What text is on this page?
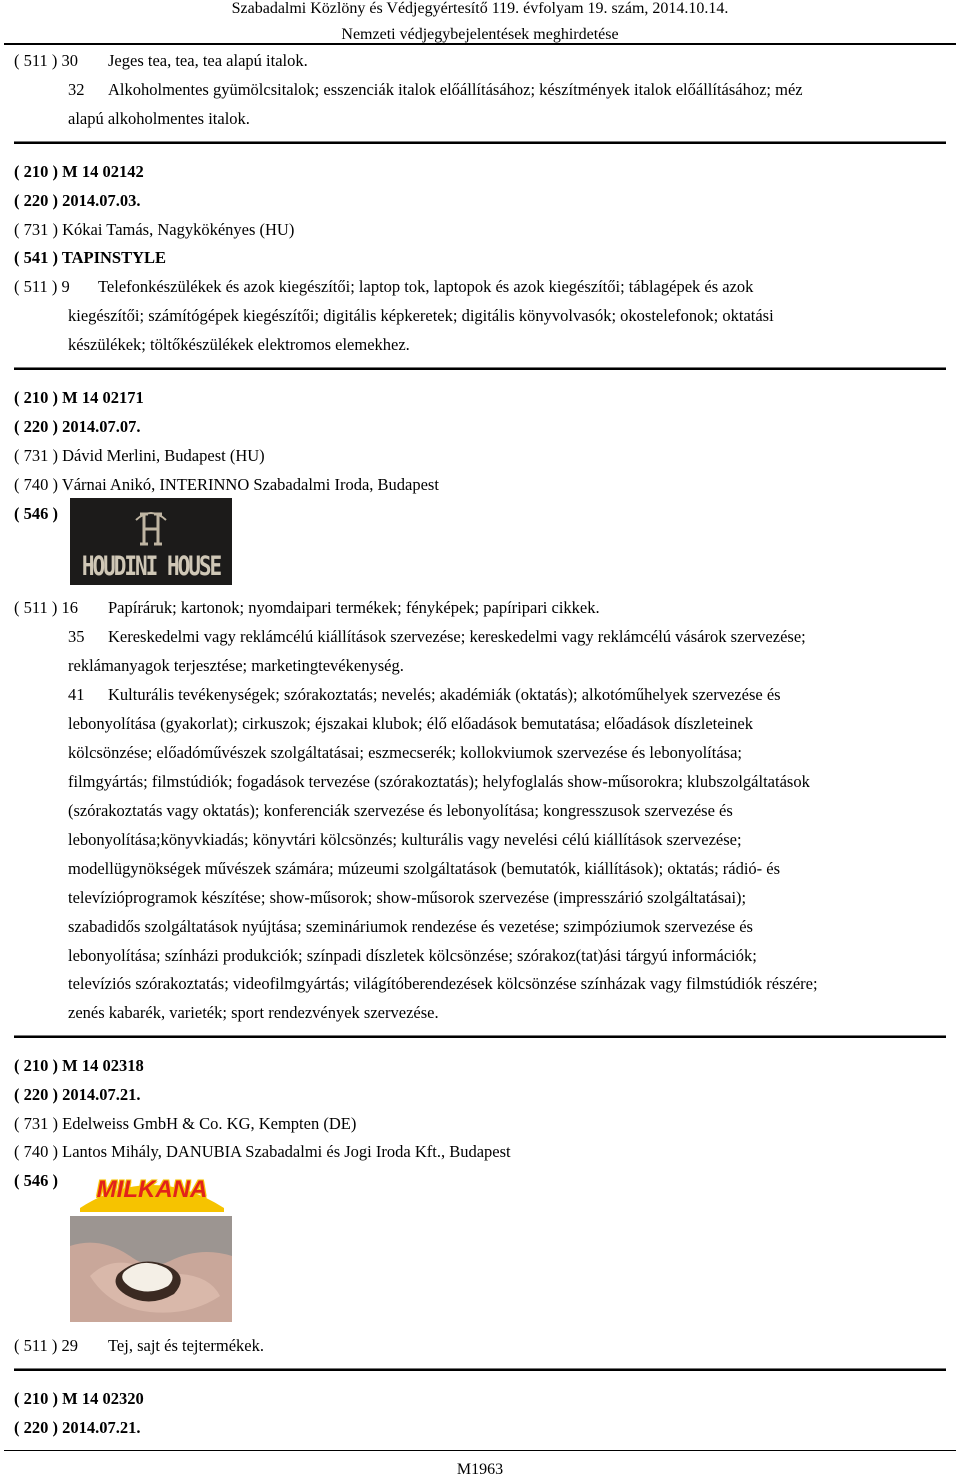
Szabadalmi Közlöny és Védjegyértesítő 119. évfolyam 19. szám, 2014.10.14.
Nemzeti védjegybejelentések meghirdetése
( 511 ) 30 Jeges tea, tea, tea alapú italok.
32 Alkoholmentes gyümölcsitalok; esszenciák italok előállításához; készítmények italok előállításához; méz
alapú alkoholmentes italok.
( 210 ) M 14 02142
( 220 ) 2014.07.03.
( 731 ) Kókai Tamás, Nagykökényes (HU)
( 541 ) TAPINSTYLE
( 511 ) 9 Telefonkészülékek és azok kiegészítői; laptop tok, laptopok és azok kiegészítői; táblagépek és azok
kiegészítői; számítógépek kiegészítői; digitális képkeretek; digitális könyvolvasók; okostelefonok; oktatási
készülékek; töltőkészülékek elektromos elemekhez.
( 210 ) M 14 02171
( 220 ) 2014.07.07.
( 731 ) Dávid Merlini, Budapest (HU)
( 740 ) Várnai Anikó, INTERINNO Szabadalmi Iroda, Budapest
( 546 )
HOUDINI HOUSE
( 511 ) 16 Papíráruk; kartonok; nyomdaipari termékek; fényképek; papíripari cikkek.
35 Kereskedelmi vagy reklámcélú kiállítások szervezése; kereskedelmi vagy reklámcélú vásárok szervezése;
reklámanyagok terjesztése; marketingtevékenység.
41 Kulturális tevékenységek; szórakoztatás; nevelés; akadémiák (oktatás); alkotóműhelyek szervezése és
lebonyolítása (gyakorlat); cirkuszok; éjszakai klubok; élő előadások bemutatása; előadások díszleteinek
kölcsönzése; előadóművészek szolgáltatásai; eszmecserék; kollokviumok szervezése és lebonyolítása;
filmgyártás; filmstúdiók; fogadások tervezése (szórakoztatás); helyfoglalás show-műsorokra; klubszolgáltatások
(szórakoztatás vagy oktatás); konferenciák szervezése és lebonyolítása; kongresszusok szervezése és
lebonyolítása;könyvkiadás; könyvtári kölcsönzés; kulturális vagy nevelési célú kiállítások szervezése;
modellügynökségek művészek számára; múzeumi szolgáltatások (bemutatók, kiállítások); oktatás; rádió- és
televízióprogramok készítése; show-műsorok; show-műsorok szervezése (impresszárió szolgáltatásai);
szabadidős szolgáltatások nyújtása; szemináriumok rendezése és vezetése; szimpóziumok szervezése és
lebonyolítása; színházi produkciók; színpadi díszletek kölcsönzése; szórakoz(tat)ási tárgyú információk;
televíziós szórakoztatás; videofilmgyártás; világítóberendezések kölcsönzése színházak vagy filmstúdiók részére;
zenés kabarék, varieték; sport rendezvények szervezése.
( 210 ) M 14 02318
( 220 ) 2014.07.21.
( 731 ) Edelweiss GmbH & Co. KG, Kempten (DE)
( 740 ) Lantos Mihály, DANUBIA Szabadalmi és Jogi Iroda Kft., Budapest
( 546 )	MILKANA
( 511 ) 29 Tej, sajt és tejtermékek.
( 210 ) M 14 02320
( 220 ) 2014.07.21.
M1963
